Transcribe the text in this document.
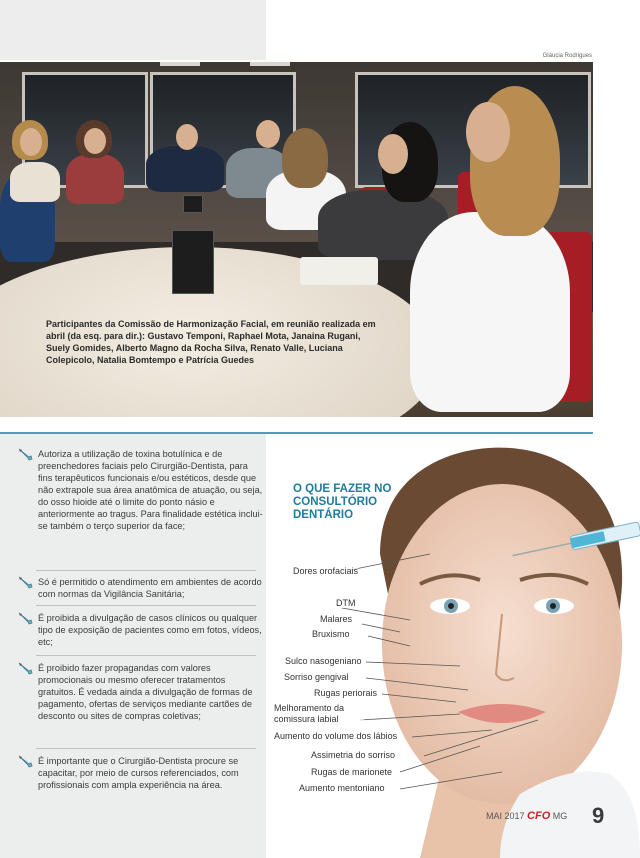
Gláucia Rodrigues
Participantes da Comissão de Harmonização Facial, em reunião realizada em abril (da esq. para dir.): Gustavo Temponi, Raphael Mota, Janaina Rugani, Suely Gomides, Alberto Magno da Rocha Silva, Renato Valle, Luciana Colepicolo, Natalia Bomtempo e Patrícia Guedes
Autoriza a utilização de toxina botulínica e de preenchedores faciais pelo Cirurgião-Dentista, para fins terapêuticos funcionais e/ou estéticos, desde que não extrapole sua área anatômica de atuação, ou seja, do osso hioide até o limite do ponto násio e anteriormente ao tragus. Para finalidade estética inclui-se também o terço superior da face;
Só é permitido o atendimento em ambientes de acordo com normas da Vigilância Sanitária;
É proibida a divulgação de casos clínicos ou qualquer tipo de exposição de pacientes como em fotos, vídeos, etc;
É proibido fazer propagandas com valores promocionais ou mesmo oferecer tratamentos gratuitos. É vedada ainda a divulgação de formas de pagamento, ofertas de serviços mediante cartões de desconto ou sites de compras coletivas;
É importante que o Cirurgião-Dentista procure se capacitar, por meio de cursos referenciados, com profissionais com ampla experiência na área.
O QUE FAZER NO CONSULTÓRIO DENTÁRIO
Dores orofaciais
DTM
Malares
Bruxismo
Sulco nasogeniano
Sorriso gengival
Rugas periorais
Melhoramento da comissura labial
Aumento do volume dos lábios
Assimetria do sorriso
Rugas de marionete
Aumento mentoniano
MAI 2017 CFO MG 9
